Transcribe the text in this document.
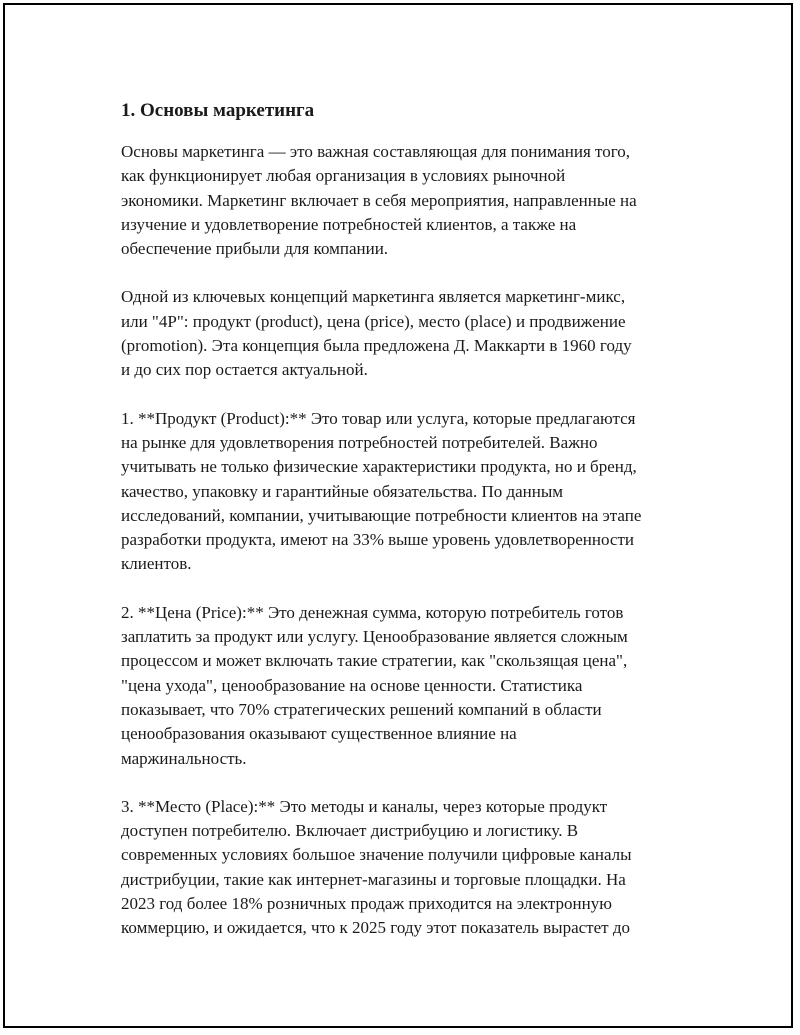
1. Основы маркетинга
Основы маркетинга — это важная составляющая для понимания того,
как функционирует любая организация в условиях рыночной
экономики. Маркетинг включает в себя мероприятия, направленные на
изучение и удовлетворение потребностей клиентов, а также на
обеспечение прибыли для компании.
Одной из ключевых концепций маркетинга является маркетинг-микс,
или "4P": продукт (product), цена (price), место (place) и продвижение
(promotion). Эта концепция была предложена Д. Маккарти в 1960 году
и до сих пор остается актуальной.
1. **Продукт (Product):** Это товар или услуга, которые предлагаются
на рынке для удовлетворения потребностей потребителей. Важно
учитывать не только физические характеристики продукта, но и бренд,
качество, упаковку и гарантийные обязательства. По данным
исследований, компании, учитывающие потребности клиентов на этапе
разработки продукта, имеют на 33% выше уровень удовлетворенности
клиентов.
2. **Цена (Price):** Это денежная сумма, которую потребитель готов
заплатить за продукт или услугу. Ценообразование является сложным
процессом и может включать такие стратегии, как "скользящая цена",
"цена ухода", ценообразование на основе ценности. Статистика
показывает, что 70% стратегических решений компаний в области
ценообразования оказывают существенное влияние на
маржинальность.
3. **Место (Place):** Это методы и каналы, через которые продукт
доступен потребителю. Включает дистрибуцию и логистику. В
современных условиях большое значение получили цифровые каналы
дистрибуции, такие как интернет-магазины и торговые площадки. На
2023 год более 18% розничных продаж приходится на электронную
коммерцию, и ожидается, что к 2025 году этот показатель вырастет до
